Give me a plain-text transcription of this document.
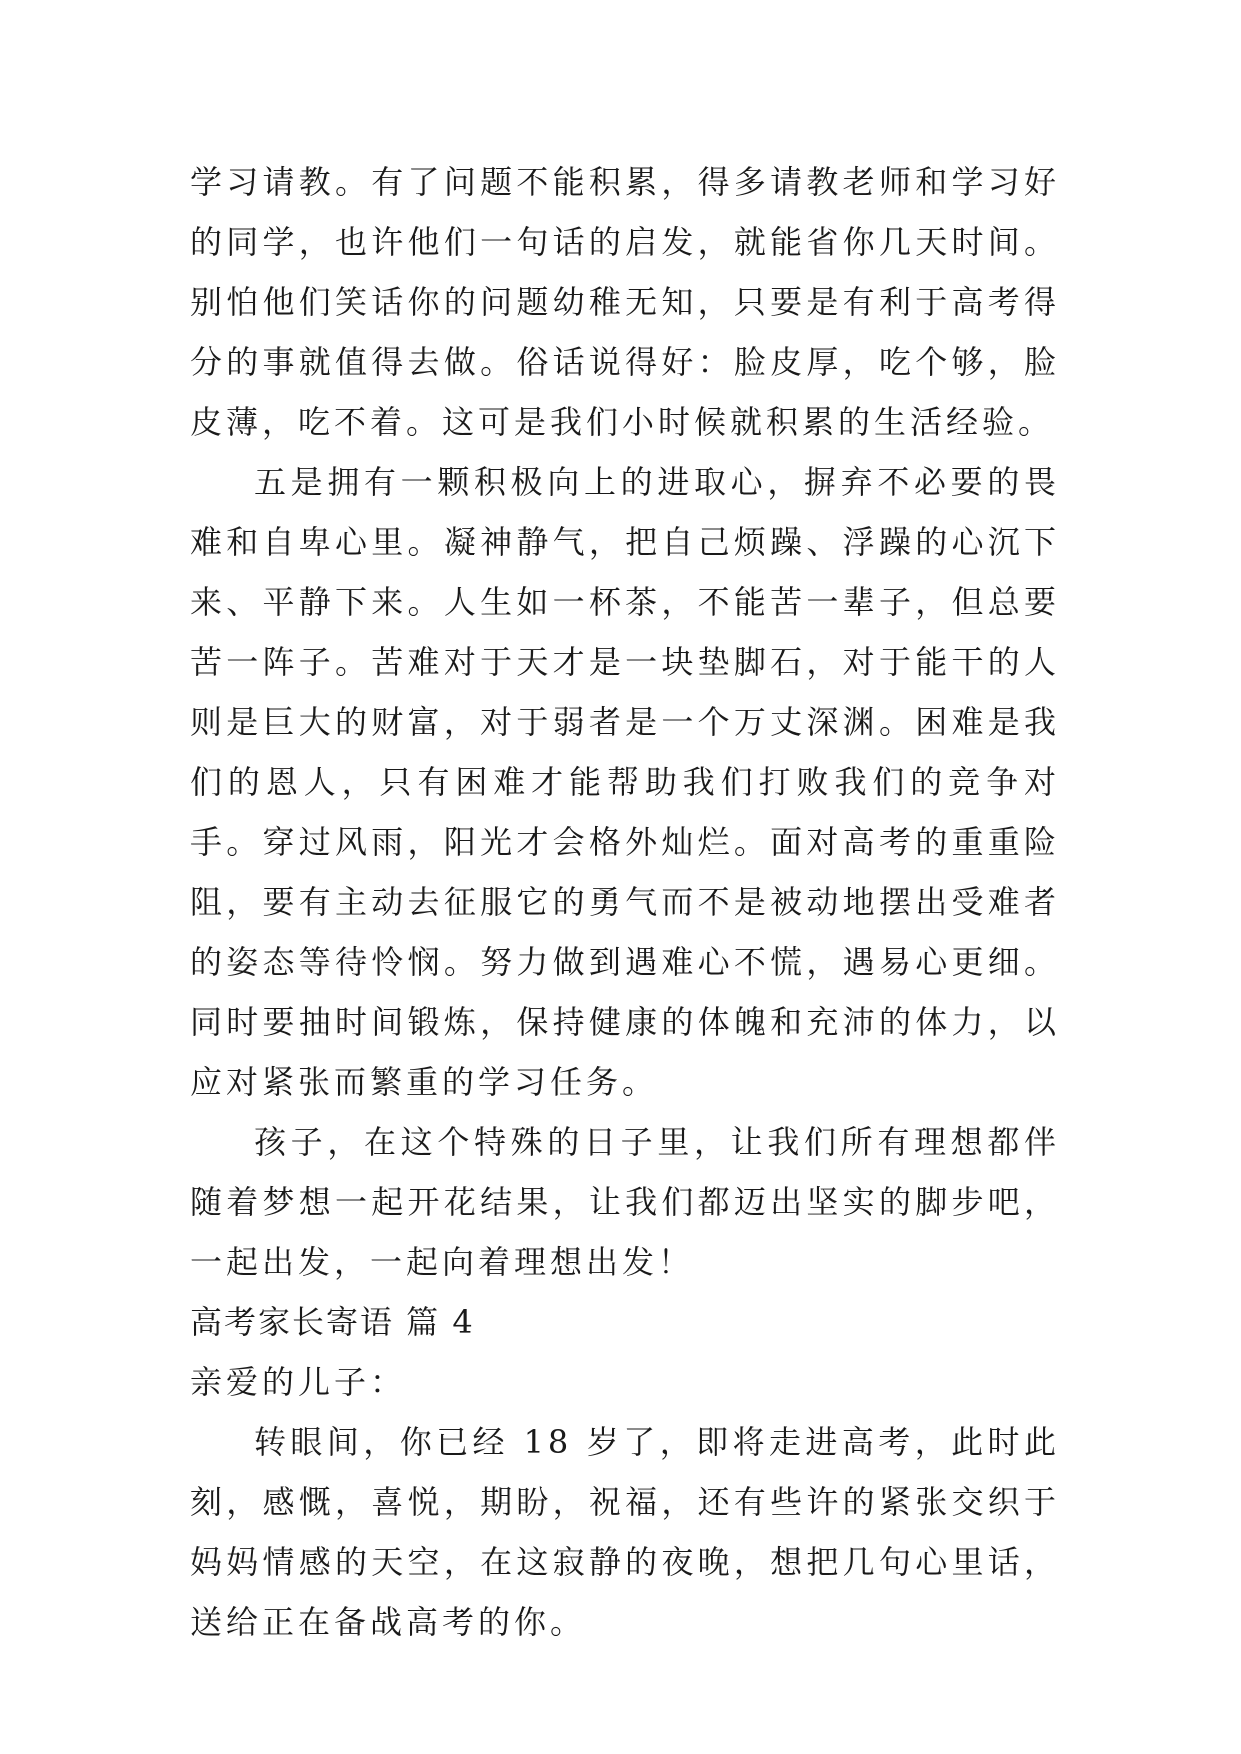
学习请教。有了问题不能积累，得多请教老师和学习好的同学，也许他们一句话的启发，就能省你几天时间。别怕他们笑话你的问题幼稚无知，只要是有利于高考得分的事就值得去做。俗话说得好：脸皮厚，吃个够，脸皮薄，吃不着。这可是我们小时候就积累的生活经验。

五是拥有一颗积极向上的进取心，摒弃不必要的畏难和自卑心里。凝神静气，把自己烦躁、浮躁的心沉下来、平静下来。人生如一杯茶，不能苦一辈子，但总要苦一阵子。苦难对于天才是一块垫脚石，对于能干的人则是巨大的财富，对于弱者是一个万丈深渊。困难是我们的恩人，只有困难才能帮助我们打败我们的竞争对手。穿过风雨，阳光才会格外灿烂。面对高考的重重险阻，要有主动去征服它的勇气而不是被动地摆出受难者的姿态等待怜悯。努力做到遇难心不慌，遇易心更细。同时要抽时间锻炼，保持健康的体魄和充沛的体力，以应对紧张而繁重的学习任务。

孩子，在这个特殊的日子里，让我们所有理想都伴随着梦想一起开花结果，让我们都迈出坚实的脚步吧，一起出发，一起向着理想出发！

高考家长寄语 篇 4

亲爱的儿子：

转眼间，你已经 18 岁了，即将走进高考，此时此刻，感慨，喜悦，期盼，祝福，还有些许的紧张交织于妈妈情感的天空，在这寂静的夜晚，想把几句心里话，送给正在备战高考的你。
